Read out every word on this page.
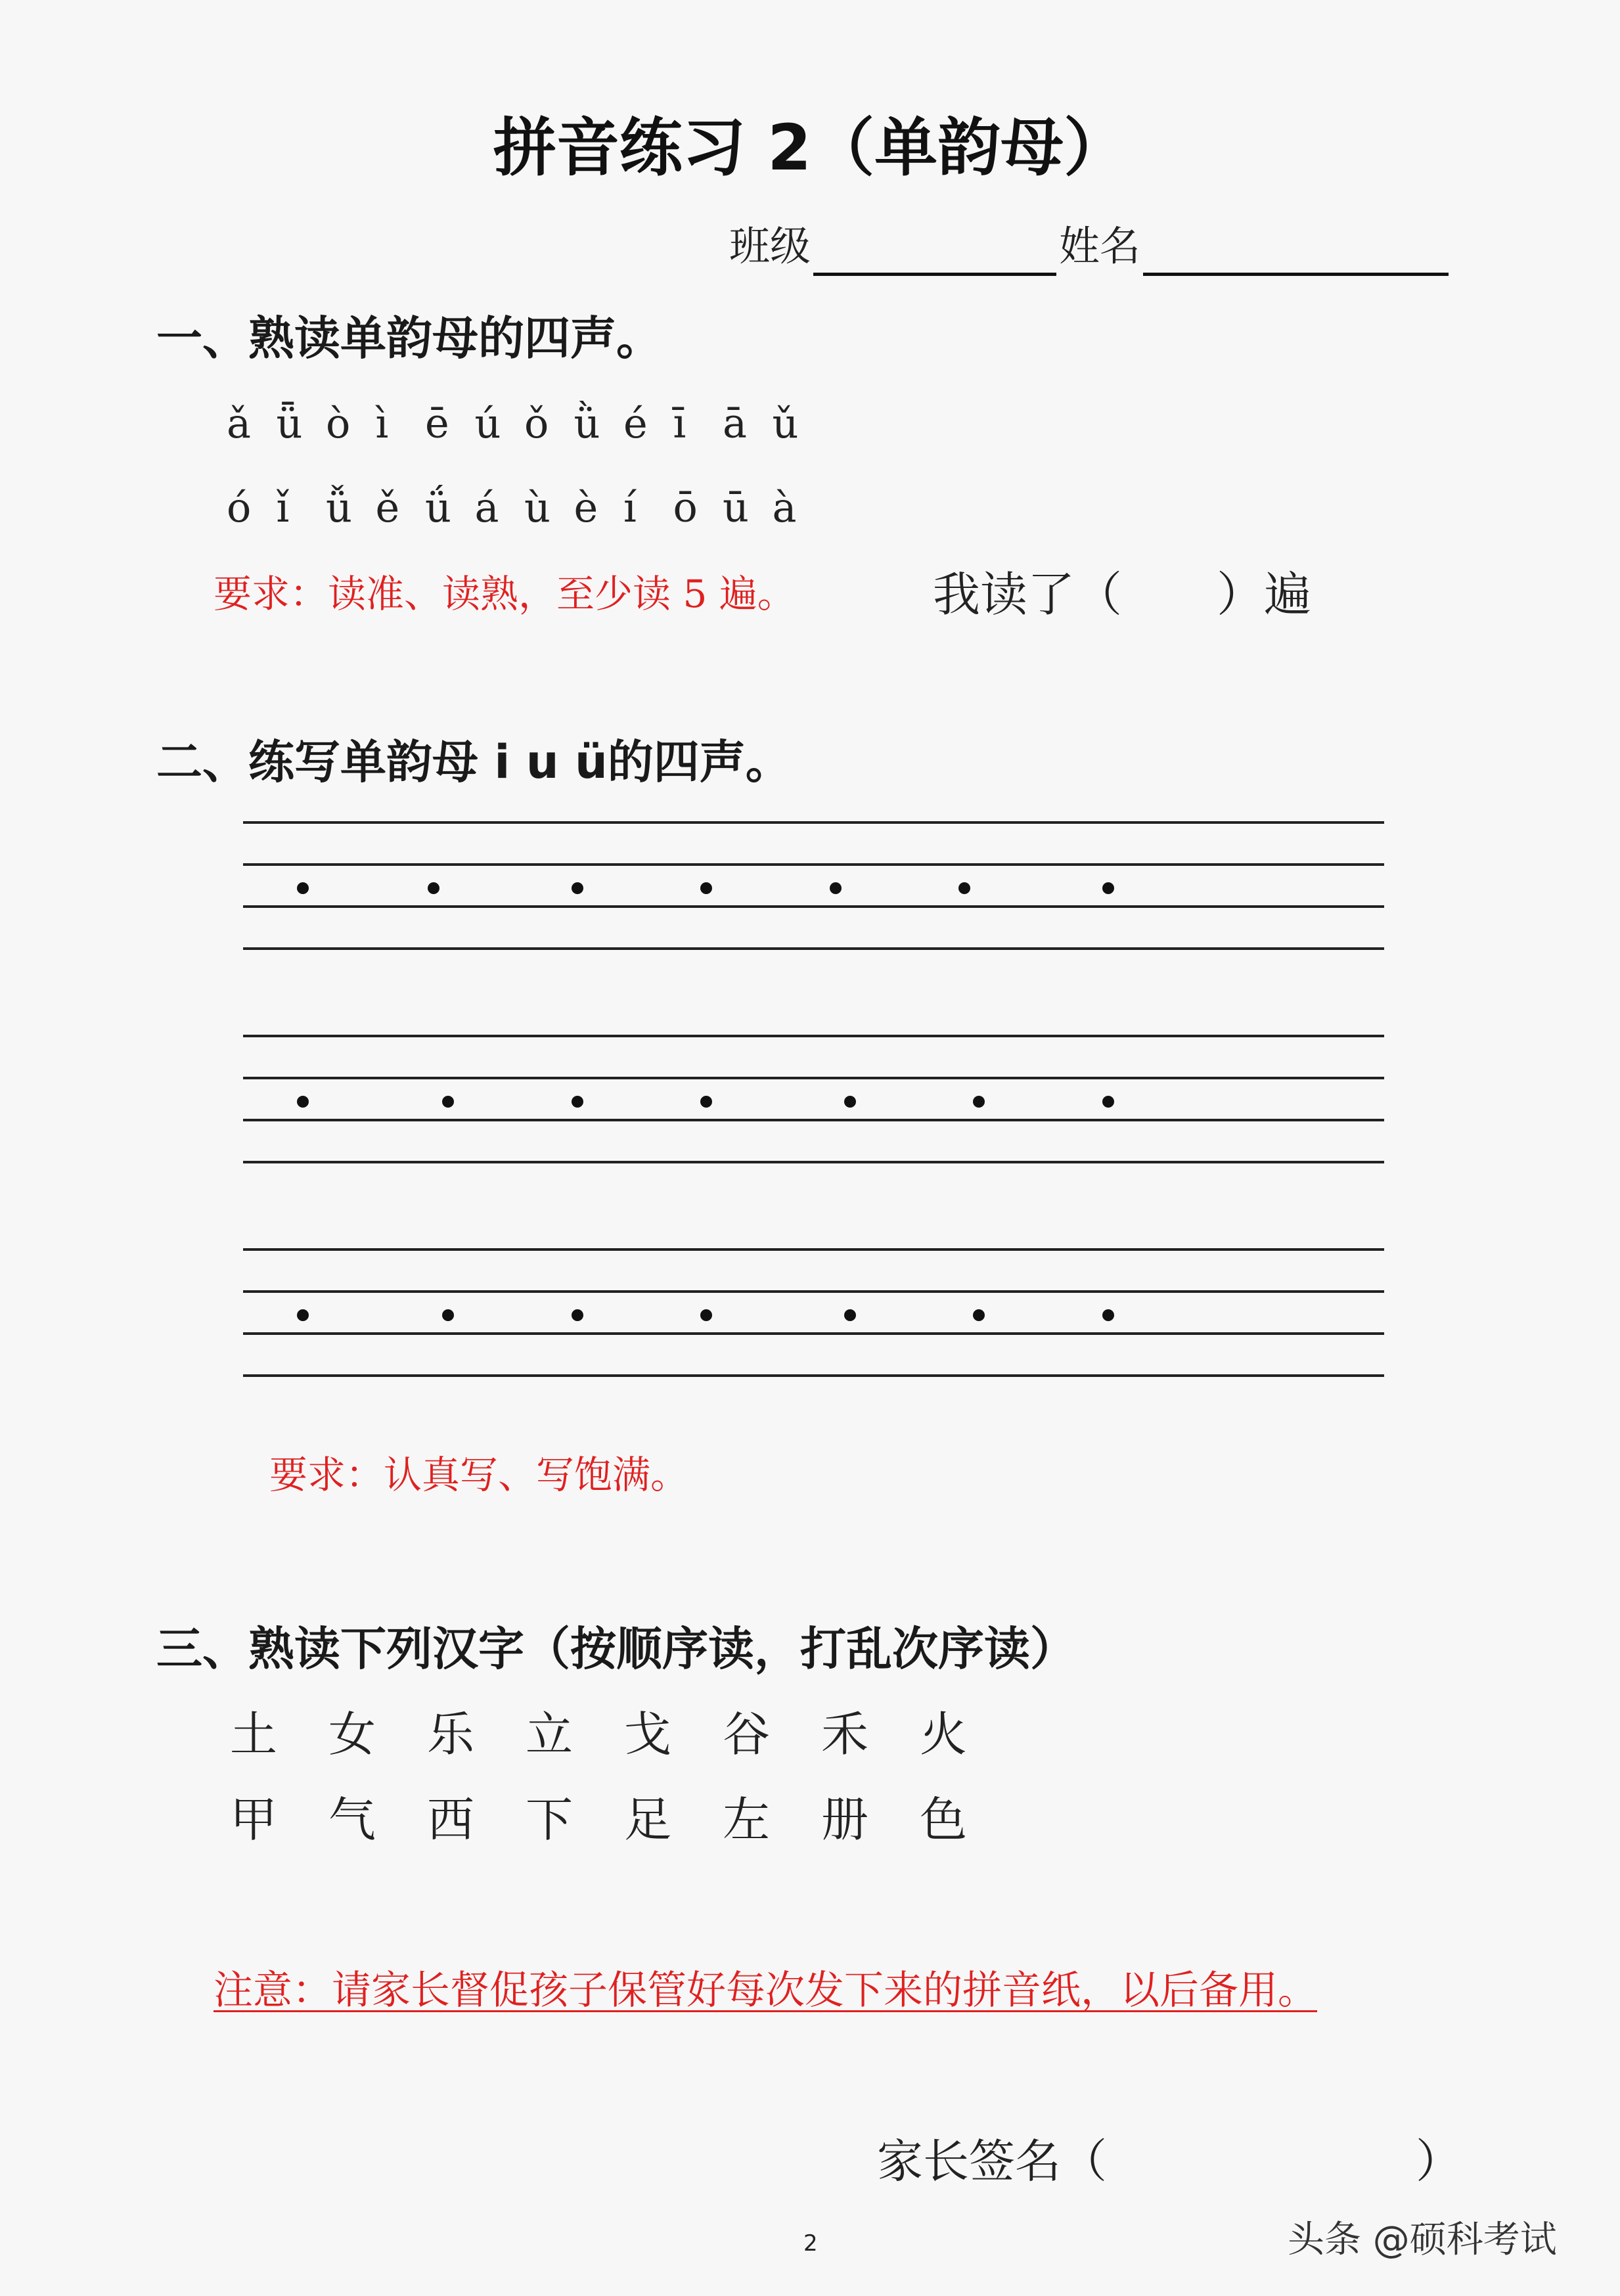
拼音练习 2（单韵母）
班级	姓名
一、熟读单韵母的四声。
ǎ ǖ ò ì ē ú ǒ ǜ é ī ā ǔ
ó ǐ ǚ ě ǘ á ù è í ō ū à
要求：读准、读熟，至少读 5 遍。	我读了（　　）遍
二、练写单韵母 i u ü的四声。
要求：认真写、写饱满。
三、熟读下列汉字（按顺序读，打乱次序读）
土	女	乐	立	戈	谷	禾	火
甲	气	西	下	足	左	册	色
注意：请家长督促孩子保管好每次发下来的拼音纸，以后备用。
家长签名（	）
2	头条 @硕科考试
